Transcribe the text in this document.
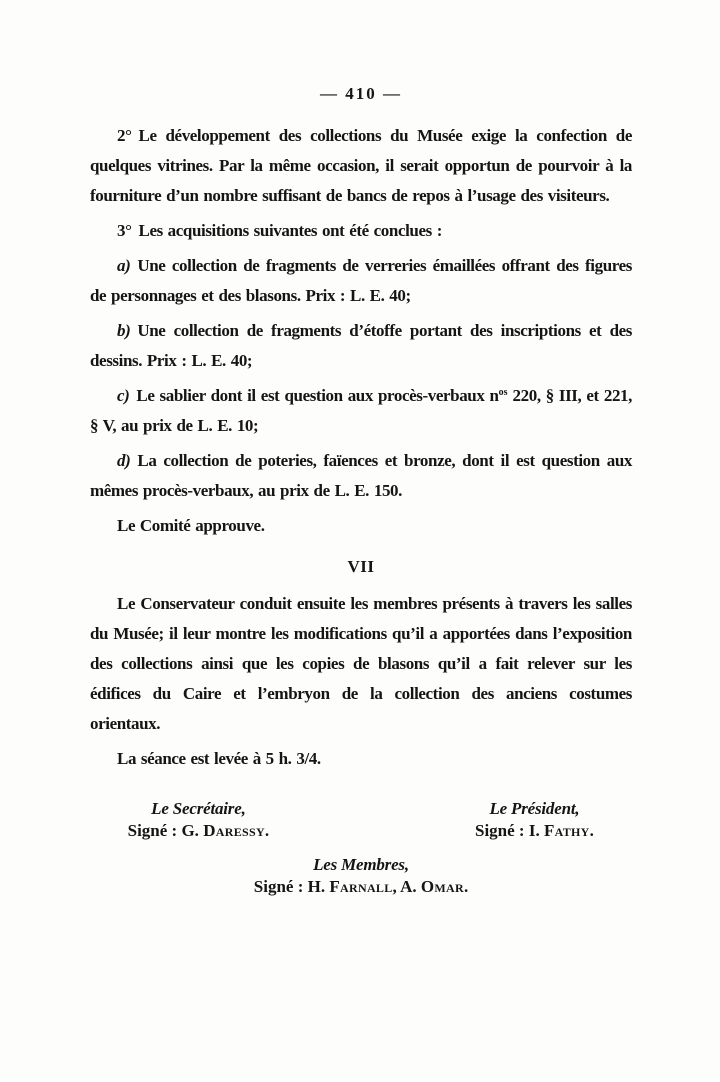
— 410 —

2° Le développement des collections du Musée exige la confection de quelques vitrines. Par la même occasion, il serait opportun de pourvoir à la fourniture d’un nombre suffisant de bancs de repos à l’usage des visiteurs.

3° Les acquisitions suivantes ont été conclues :

a) Une collection de fragments de verreries émaillées offrant des figures de personnages et des blasons. Prix : L. E. 40;

b) Une collection de fragments d’étoffe portant des inscriptions et des dessins. Prix : L. E. 40;

c) Le sablier dont il est question aux procès-verbaux n$^{os}$ 220, § III, et 221, § V, au prix de L. E. 10;

d) La collection de poteries, faïences et bronze, dont il est question aux mêmes procès-verbaux, au prix de L. E. 150.

Le Comité approuve.

VII

Le Conservateur conduit ensuite les membres présents à travers les salles du Musée; il leur montre les modifications qu’il a apportées dans l’exposition des collections ainsi que les copies de blasons qu’il a fait relever sur les édifices du Caire et l’embryon de la collection des anciens costumes orientaux.

La séance est levée à 5 h. 3/4.

Le Secrétaire,
Signé : G. Daressy.
Le Président,
Signé : I. Fathy.
Les Membres,
Signé : H. Farnall, A. Omar.
